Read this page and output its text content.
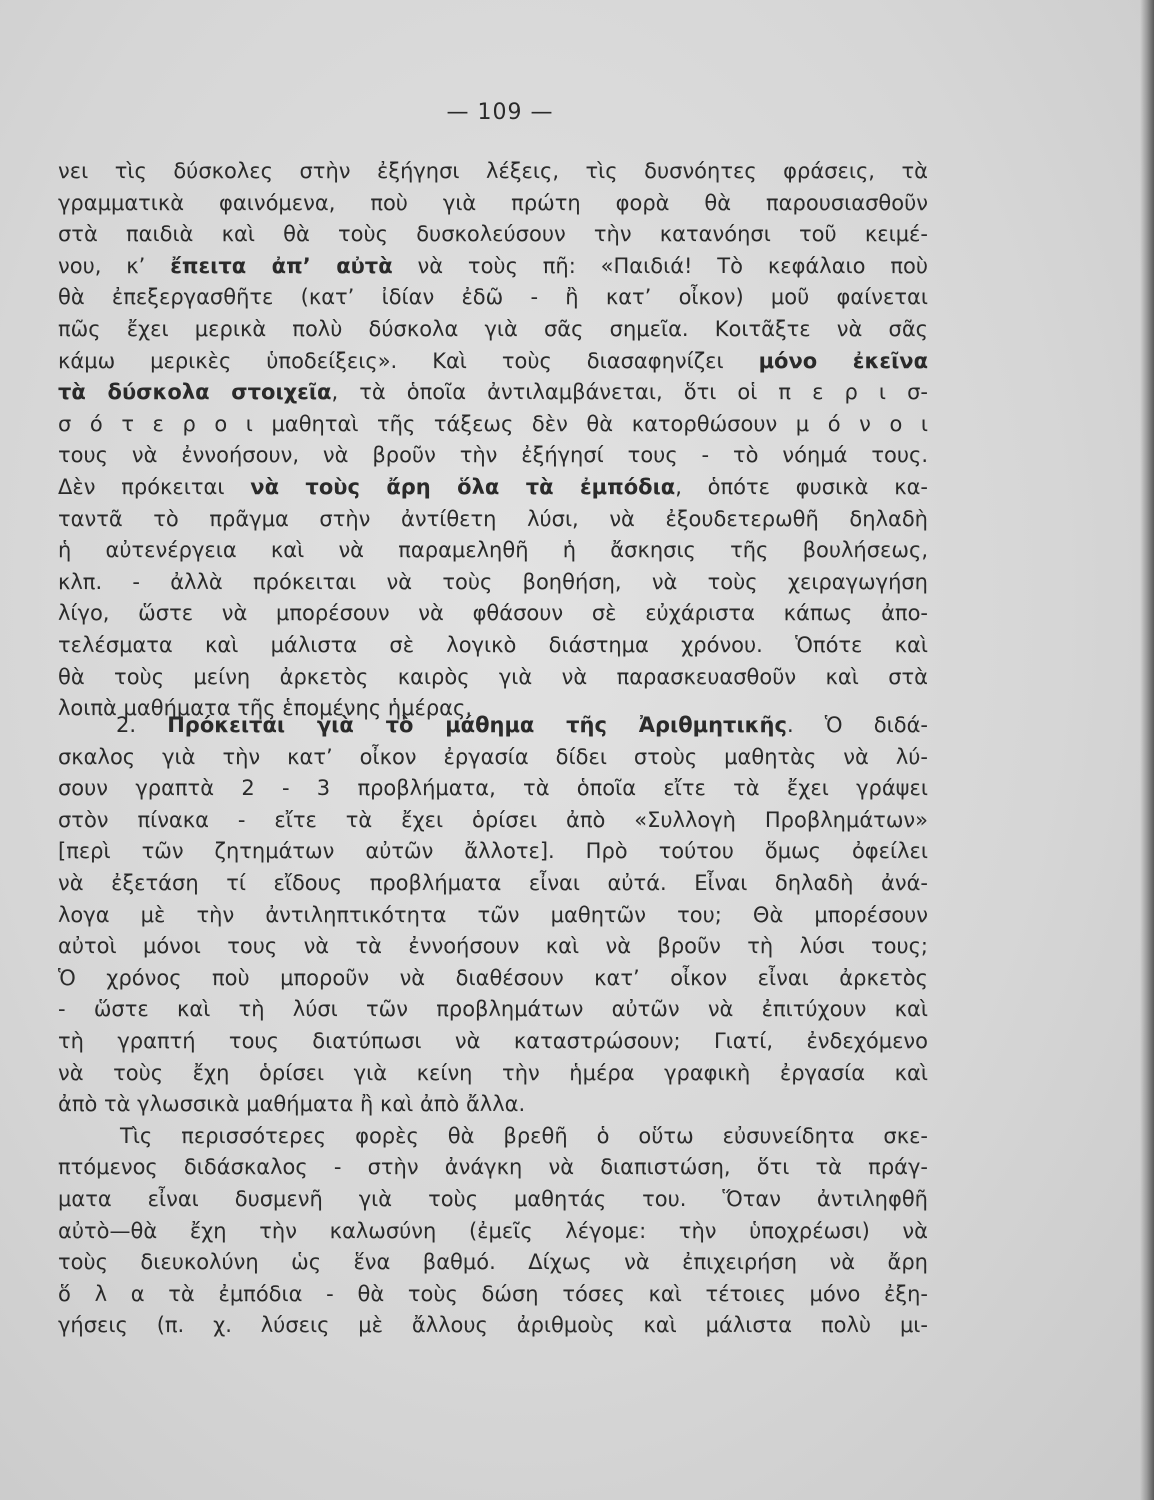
— 109 —
νει τὶς δύσκολες στὴν ἐξήγησι λέξεις, τὶς δυσνόητες φράσεις, τὰ
γραμματικὰ φαινόμενα, ποὺ γιὰ πρώτη φορὰ θὰ παρουσιασθοῦν
στὰ παιδιὰ καὶ θὰ τοὺς δυσκολεύσουν τὴν κατανόησι τοῦ κειμέ-
νου, κ’ ἔπειτα ἀπ’ αὐτὰ νὰ τοὺς πῆ: «Παιδιά! Τὸ κεφάλαιο ποὺ
θὰ ἐπεξεργασθῆτε (κατ’ ἰδίαν ἐδῶ - ἢ κατ’ οἶκον) μοῦ φαίνεται
πῶς ἔχει μερικὰ πολὺ δύσκολα γιὰ σᾶς σημεῖα. Κοιτᾶξτε νὰ σᾶς
κάμω μερικὲς ὑποδείξεις». Καὶ τοὺς διασαφηνίζει μόνο ἐκεῖνα
τὰ δύσκολα στοιχεῖα, τὰ ὁποῖα ἀντιλαμβάνεται, ὅτι οἱ π ε ρ ι σ-
σ ό τ ε ρ ο ι μαθηταὶ τῆς τάξεως δὲν θὰ κατορθώσουν μ ό ν ο ι
τους νὰ ἐννοήσουν, νὰ βροῦν τὴν ἐξήγησί τους - τὸ νόημά τους.
Δὲν πρόκειται νὰ τοὺς ἄρη ὅλα τὰ ἐμπόδια, ὁπότε φυσικὰ κα-
ταντᾶ τὸ πρᾶγμα στὴν ἀντίθετη λύσι, νὰ ἐξουδετερωθῆ δηλαδὴ
ἡ αὐτενέργεια καὶ νὰ παραμεληθῆ ἡ ἄσκησις τῆς βουλήσεως,
κλπ. - ἀλλὰ πρόκειται νὰ τοὺς βοηθήση, νὰ τοὺς χειραγωγήση
λίγο, ὥστε νὰ μπορέσουν νὰ φθάσουν σὲ εὐχάριστα κάπως ἀπο-
τελέσματα καὶ μάλιστα σὲ λογικὸ διάστημα χρόνου. Ὁπότε καὶ
θὰ τοὺς μείνη ἀρκετὸς καιρὸς γιὰ νὰ παρασκευασθοῦν καὶ στὰ
λοιπὰ μαθήματα τῆς ἑπομένης ἡμέρας.
2. Πρόκειται γιὰ τὸ μάθημα τῆς Ἀριθμητικῆς. Ὁ διδά-
σκαλος γιὰ τὴν κατ’ οἶκον ἐργασία δίδει στοὺς μαθητὰς νὰ λύ-
σουν γραπτὰ 2 - 3 προβλήματα, τὰ ὁποῖα εἴτε τὰ ἔχει γράψει
στὸν πίνακα - εἴτε τὰ ἔχει ὁρίσει ἀπὸ «Συλλογὴ Προβλημάτων»
[περὶ τῶν ζητημάτων αὐτῶν ἄλλοτε]. Πρὸ τούτου ὅμως ὀφείλει
νὰ ἐξετάση τί εἴδους προβλήματα εἶναι αὐτά. Εἶναι δηλαδὴ ἀνά-
λογα μὲ τὴν ἀντιληπτικότητα τῶν μαθητῶν του; Θὰ μπορέσουν
αὐτοὶ μόνοι τους νὰ τὰ ἐννοήσουν καὶ νὰ βροῦν τὴ λύσι τους;
Ὁ χρόνος ποὺ μποροῦν νὰ διαθέσουν κατ’ οἶκον εἶναι ἀρκετὸς
- ὥστε καὶ τὴ λύσι τῶν προβλημάτων αὐτῶν νὰ ἐπιτύχουν καὶ
τὴ γραπτή τους διατύπωσι νὰ καταστρώσουν; Γιατί, ἐνδεχόμενο
νὰ τοὺς ἔχη ὁρίσει γιὰ κείνη τὴν ἡμέρα γραφικὴ ἐργασία καὶ
ἀπὸ τὰ γλωσσικὰ μαθήματα ἢ καὶ ἀπὸ ἄλλα.
Τὶς περισσότερες φορὲς θὰ βρεθῆ ὁ οὕτω εὐσυνείδητα σκε-
πτόμενος διδάσκαλος - στὴν ἀνάγκη νὰ διαπιστώση, ὅτι τὰ πράγ-
ματα εἶναι δυσμενῆ γιὰ τοὺς μαθητάς του. Ὅταν ἀντιληφθῆ
αὐτὸ—θὰ ἔχη τὴν καλωσύνη (ἐμεῖς λέγομε: τὴν ὑποχρέωσι) νὰ
τοὺς διευκολύνη ὡς ἕνα βαθμό. Δίχως νὰ ἐπιχειρήση νὰ ἄρη
ὅ λ α τὰ ἐμπόδια - θὰ τοὺς δώση τόσες καὶ τέτοιες μόνο ἐξη-
γήσεις (π. χ. λύσεις μὲ ἄλλους ἀριθμοὺς καὶ μάλιστα πολὺ μι-
